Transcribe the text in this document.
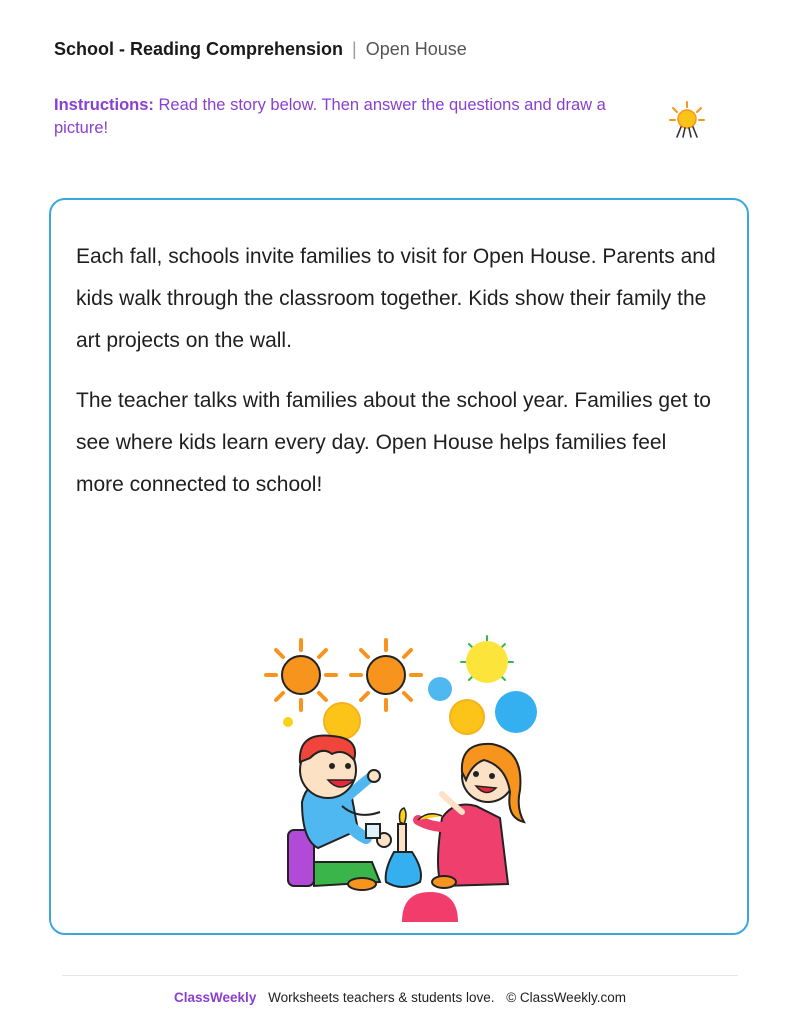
School - Reading Comprehension | Open House
Instructions: Read the story below. Then answer the questions and draw a picture!

Each fall, schools invite families to visit for Open House. Parents and kids walk through the classroom together. Kids show their family the art projects on the wall.

The teacher talks with families about the school year. Families get to see where kids learn every day. Open House helps families feel more connected to school!

ClassWeekly Worksheets teachers & students love. © ClassWeekly.com
